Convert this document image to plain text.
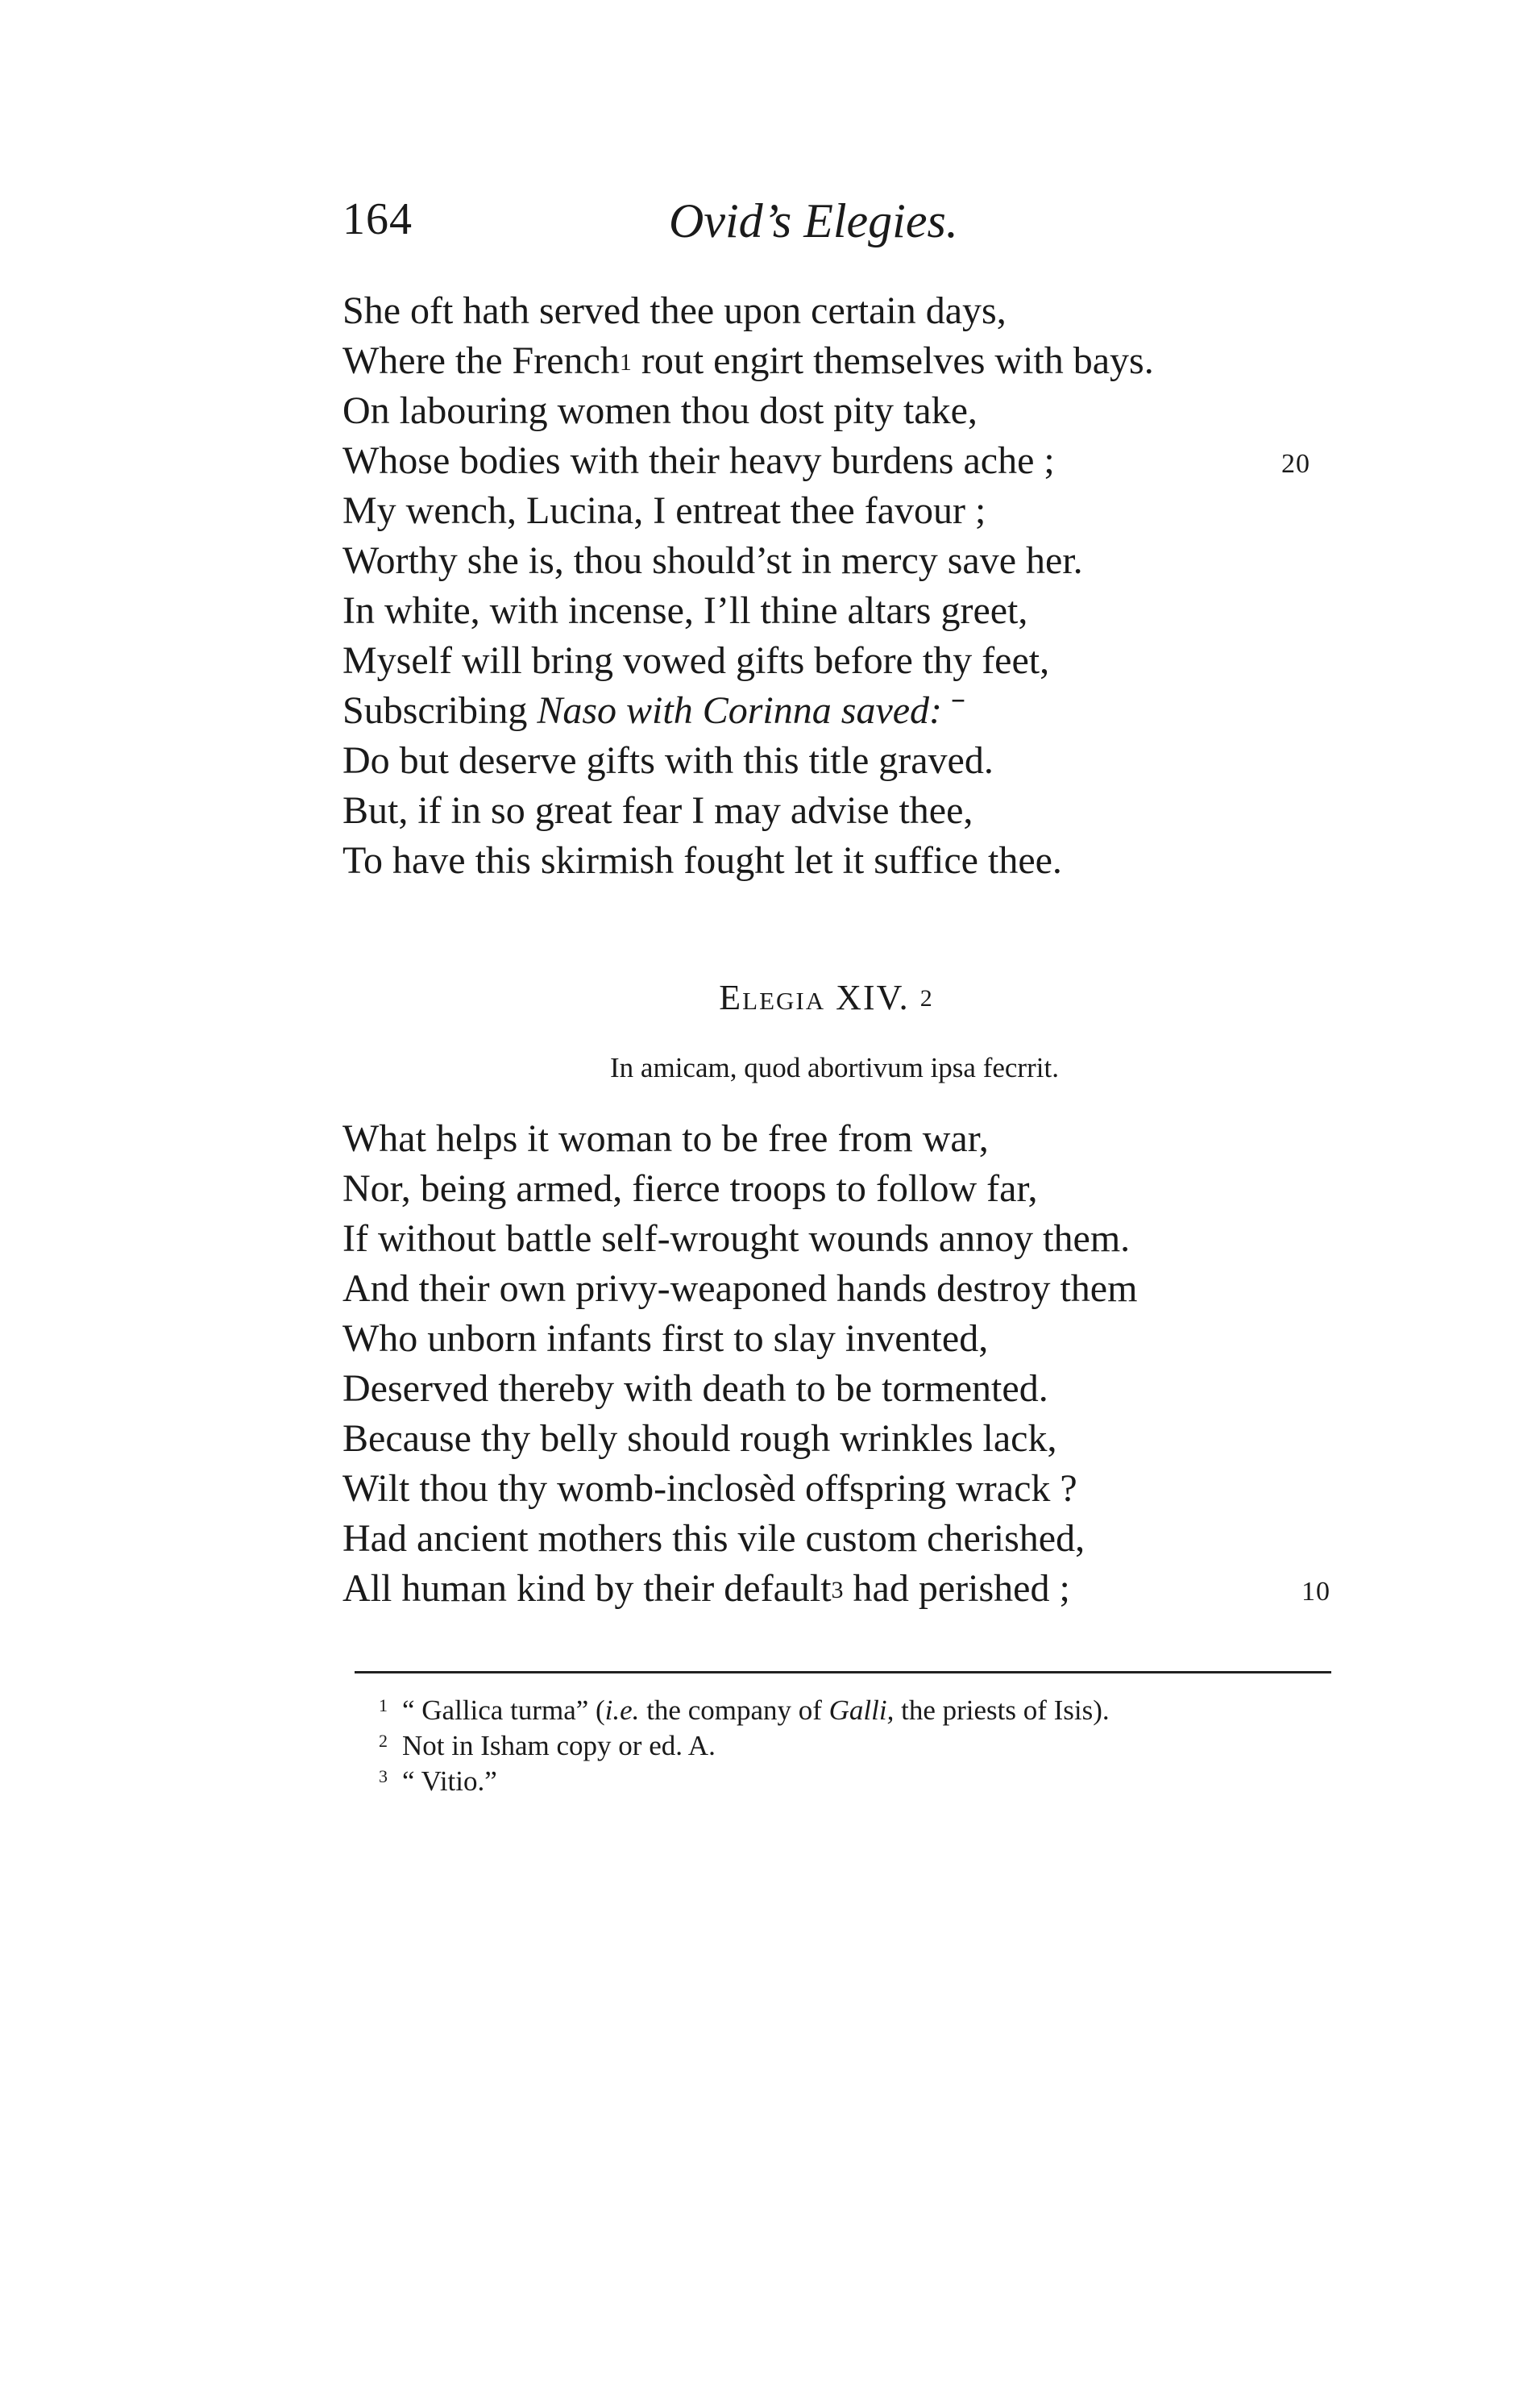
164	Ovid’s Elegies.
She oft hath served thee upon certain days,
Where the French$^1$ rout engirt themselves with bays.
On labouring women thou dost pity take,
Whose bodies with their heavy burdens ache ;	20
My wench, Lucina, I entreat thee favour ;
Worthy she is, thou should’st in mercy save her.
In white, with incense, I’ll thine altars greet,
Myself will bring vowed gifts before thy feet,
Subscribing Naso with Corinna saved: ˉ
Do but deserve gifts with this title graved.
But, if in so great fear I may advise thee,
To have this skirmish fought let it suffice thee.
Elegia XIV. $^2$
In amicam, quod abortivum ipsa fecrrit.
What helps it woman to be free from war,
Nor, being armed, fierce troops to follow far,
If without battle self-wrought wounds annoy them.
And their own privy-weaponed hands destroy them
Who unborn infants first to slay invented,
Deserved thereby with death to be tormented.
Because thy belly should rough wrinkles lack,
Wilt thou thy womb-inclosèd offspring wrack ?
Had ancient mothers this vile custom cherished,
All human kind by their default$^3$ had perished ;	10
$^1$ “ Gallica turma” (i.e. the company of Galli, the priests of Isis).
$^2$ Not in Isham copy or ed. A.
$^3$ “ Vitio.”
